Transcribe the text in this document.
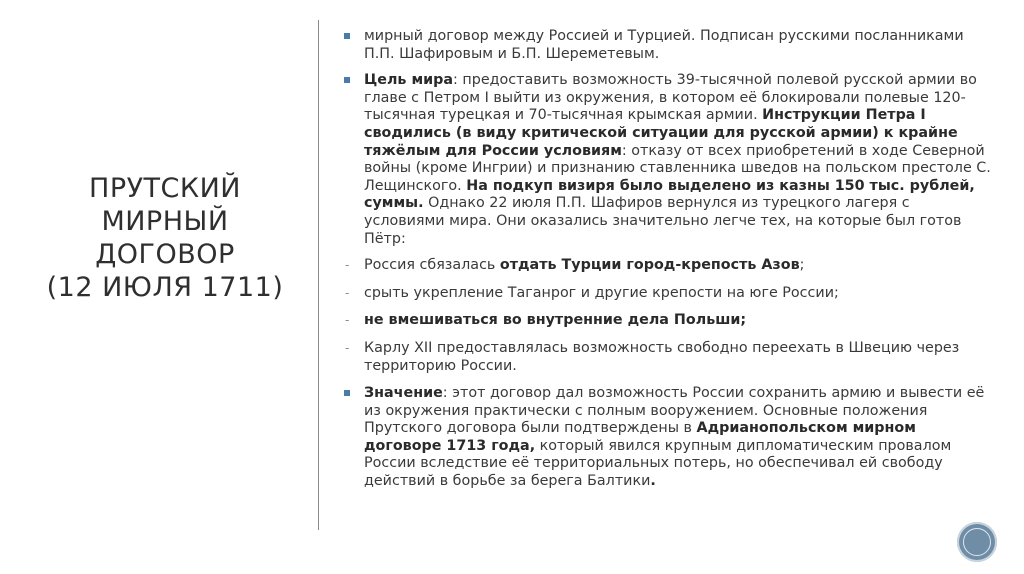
ПРУТСКИЙ
МИРНЫЙ
ДОГОВОР
(12 ИЮЛЯ 1711)
мирный договор между Россией и Турцией. Подписан русскими посланниками П.П. Шафировым и Б.П. Шереметевым.
Цель мира: предоставить возможность 39-тысячной полевой русской армии во главе с Петром I выйти из окружения, в котором её блокировали полевые 120-тысячная турецкая и 70-тысячная крымская армии. Инструкции Петра I сводились (в виду критической ситуации для русской армии) к крайне тяжёлым для России условиям: отказу от всех приобретений в ходе Северной войны (кроме Ингрии) и признанию ставленника шведов на польском престоле С. Лещинского. На подкуп визиря было выделено из казны 150 тыс. рублей, суммы. Однако 22 июля П.П. Шафиров вернулся из турецкого лагеря с условиями мира. Они оказались значительно легче тех, на которые был готов Пётр:
- Россия сбязалась отдать Турции город-крепость Азов;
- срыть укрепление Таганрог и другие крепости на юге России;
- не вмешиваться во внутренние дела Польши;
- Карлу XII предоставлялась возможность свободно переехать в Швецию через территорию России.
Значение: этот договор дал возможность России сохранить армию и вывести её из окружения практически с полным вооружением. Основные положения Прутского договора были подтверждены в Адрианопольском мирном договоре 1713 года, который явился крупным дипломатическим провалом России вследствие её территориальных потерь, но обеспечивал ей свободу действий в борьбе за берега Балтики.
